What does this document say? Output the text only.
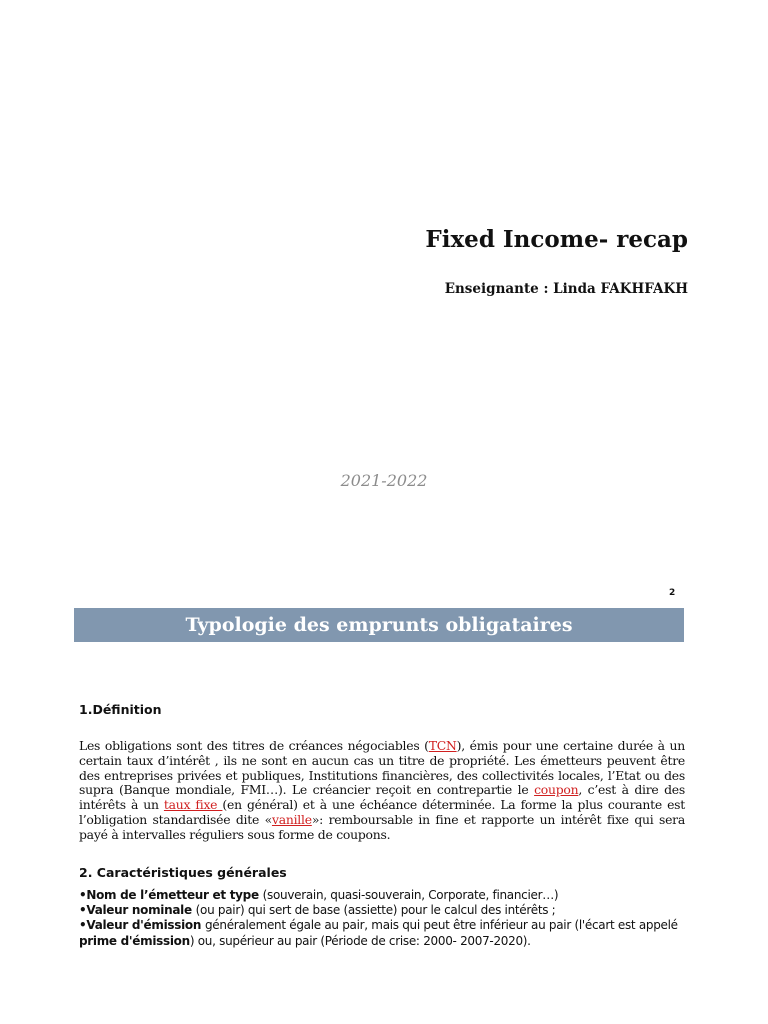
Fixed Income- recap
Enseignante : Linda FAKHFAKH
2021-2022
2
Typologie des emprunts obligataires
1.Définition
Les obligations sont des titres de créances négociables (TCN), émis pour une certaine durée à un certain taux d’intérêt , ils ne sont en aucun cas un titre de propriété. Les émetteurs peuvent être des entreprises privées et publiques, Institutions financières, des collectivités locales, l’Etat ou des supra (Banque mondiale, FMI…). Le créancier reçoit en contrepartie le coupon, c’est à dire des intérêts à un taux fixe (en général) et à une échéance déterminée. La forme la plus courante est l’obligation standardisée dite «vanille»: remboursable in fine et rapporte un intérêt fixe qui sera payé à intervalles réguliers sous forme de coupons.
2. Caractéristiques générales
•Nom de l’émetteur et type (souverain, quasi-souverain, Corporate, financier…)
•Valeur nominale (ou pair) qui sert de base (assiette) pour le calcul des intérêts ;
•Valeur d'émission généralement égale au pair, mais qui peut être inférieur au pair (l'écart est appelé prime d'émission) ou, supérieur au pair (Période de crise: 2000- 2007-2020).
